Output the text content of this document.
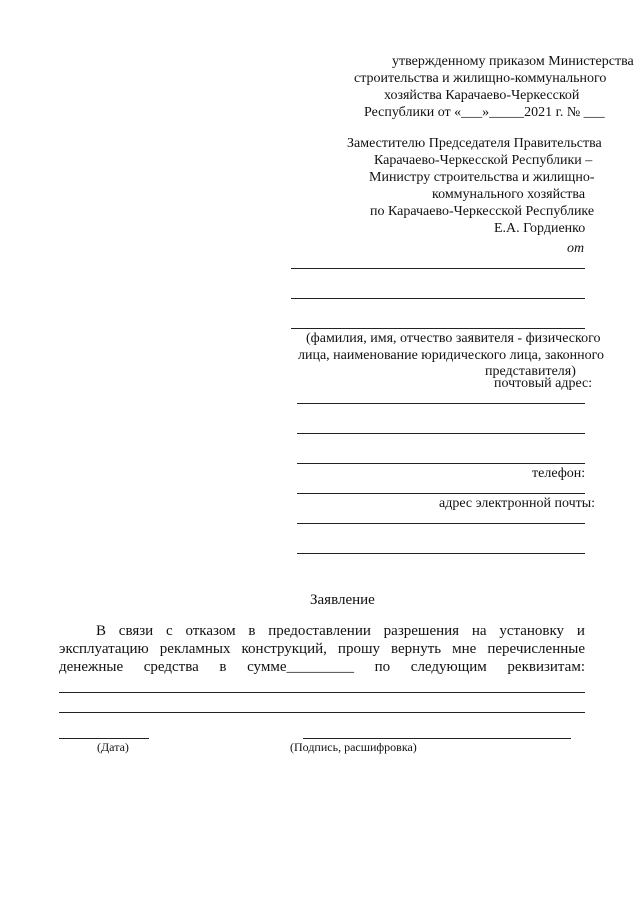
утвержденному приказом Министерства
строительства и жилищно-коммунального
хозяйства Карачаево-Черкесской
Республики от «___»_____2021 г. № ___
Заместителю Председателя Правительства
Карачаево-Черкесской Республики –
Министру строительства и жилищно-
коммунального хозяйства
по Карачаево-Черкесской Республике
Е.А. Гордиенко
от
(фамилия, имя, отчество заявителя - физического
лица, наименование юридического лица, законного
представителя)
почтовый адрес:
телефон:
адрес электронной почты:
Заявление
В связи с отказом в предоставлении разрешения на установку и
эксплуатацию рекламных конструкций, прошу вернуть мне перечисленные
денежные средства в сумме_________ по следующим реквизитам:
(Дата)	(Подпись, расшифровка)
